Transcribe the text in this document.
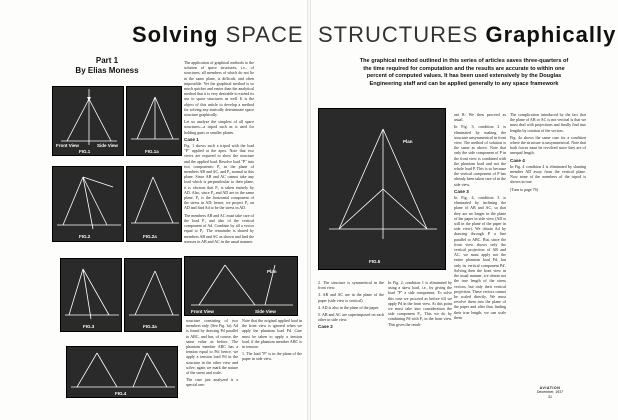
Solving SPACE STRUCTURES Graphically
Part 1
By Elias Moness
Front View	Side View
FIG.1	FIG.1a
FIG.2	FIG.2a
FIG.3	FIG.3a
FIG.4
Plan
FIG.5
Plan
Front View	Side View

The application of graphical methods to the solution of space structures, i.e., of structures, all members of which do not lie in the same plane, is difficult, and often impossible. Yet the graphical method is so much quicker and easier than the analytical method that it is very desirable to extend its use to space structures as well. It is the object of this article to develop a method for solving any statically determinate space structure graphically.

Let us analyze the simplest of all space structures—a tripod such as is used for holding guns or smaller planes.

Case 1

Fig. 1 shows such a tripod with the load "P" applied at the apex. Note that two views are required to show the structure and the applied load. Resolve load "P" into two components: P₁ in the plane of members AB and AC, and P₂ normal to this plane. Since AB and AC cannot take any load which is perpendicular to their plane, it is obvious that P₂ is taken entirely by AD. Also, since P₂ and AD are in the same plane, P₂ is the horizontal component of the stress in AD; hence, we project P₂ on AD and find Ad to be the stress in AD.

The members AB and AC must take care of the load P₁ and also of the vertical component of Ad. Combine by all a vector equal to P₁. The remainder is shared by members AB and AC as shown and find the stresses in AB and AC in the usual manner.

structure consisting of two members only. (See Fig. 1a). Ad is found by drawing Pd parallel to ABC, and has, of course, the same value as before. The phantom member ABC has a tension equal to Pd; hence, we apply a tension load Pd in the structure in the other view and solve; again we mark the nature of the stress and scale.

The case just analyzed is a special one:

Note that the original applied load in the front view is ignored when we apply the phantom load Pd. Care must be taken to apply a tension load, if the phantom member ABC is in tension.

1. The load "P" is in the plane of the paper in side view.

The graphical method outlined in this series of articles saves three-quarters of the time required for computation and the results are accurate to within one percent of computed values. It has been used extensively by the Douglas Engineering staff and can be applied generally to any space framework

ant R. We then proceed as usual.

In Fig. 3, condition 2 is eliminated by making the structure unsymmetrical in front view. The method of solution is the same as above. Note that only the side component of P in the front view is combined with the phantom load and not the whole load P. This is so because the vertical component of P has already been taken care of in the side view.

Case 3

In Fig. 4, condition 3 is eliminated by inclining the plane of AB and AC, so that they are no longer in the plane of the paper in side view (AD is still in the plane of the paper in side view). We obtain Ad by drawing through P a line parallel to ABC. But, since the front view shows only the vertical projection of AB and AC, we must apply not the entire phantom load Pd, but only its vertical component Pd'. Solving then the front view in the usual manner, we obtain not the true length of the stress vectors, but only their vertical projection. These vectors cannot be scaled directly. We must revolve them into the plane of the paper and after thus finding their true length, we can scale them.

The complication introduced by the fact that the plane of AB or AC is not vertical is that we must deal with projections and finally find true lengths by rotation of the vectors.

Fig. 4a shows the same case for a condition where the structure is unsymmetrical. Note that both forces must be revolved since they are of unequal length.

Case 4

In Fig. 4 condition 4 is eliminated by slanting member AD away from the vertical plane. Now none of the members of the tripod is shown in true

(Turn to page 76)

2. The structure is symmetrical in the front view.

3. AB and AC are in the plane of the paper (side view is vertical).

4. AD is also in the plane of the paper.

5. AB and AC are superimposed on each other in side view.

Case 2

In Fig. 2, condition 1 is eliminated by using a skew load, i.e., by giving the load "P" a side component. To solve this case we proceed as before till we apply Pd in the front view. At this point we must take into consideration the side component P₂. This we do by combining Pd with P₂ in the front view. This gives the result-

AVIATION
December, 1937
31
